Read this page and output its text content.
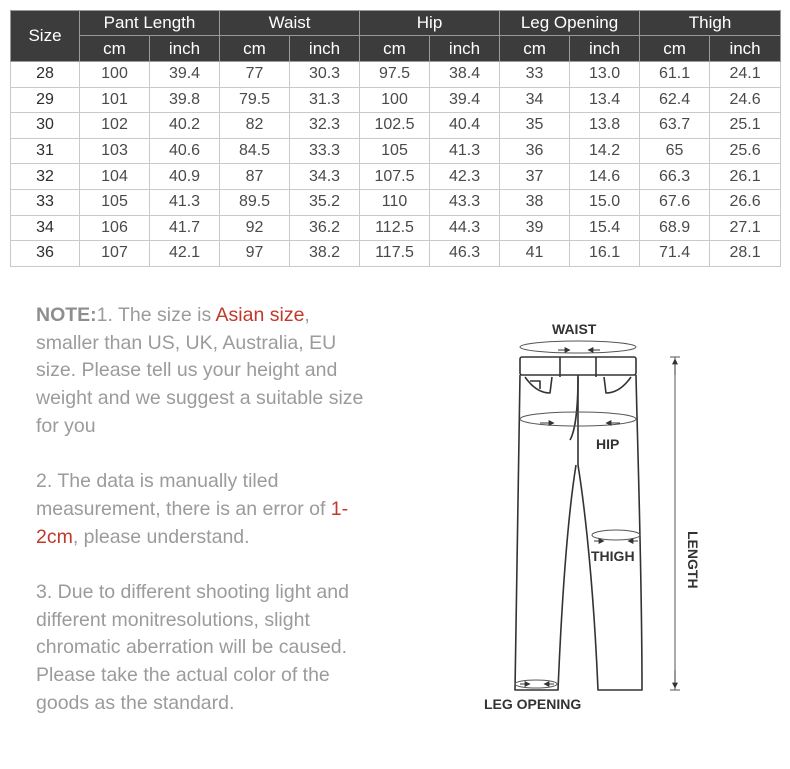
Size	Pant Length		Waist		Hip		Leg Opening		Thigh	
	cm	inch	cm	inch	cm	inch	cm	inch	cm	inch
28	100	39.4	77	30.3	97.5	38.4	33	13.0	61.1	24.1
29	101	39.8	79.5	31.3	100	39.4	34	13.4	62.4	24.6
30	102	40.2	82	32.3	102.5	40.4	35	13.8	63.7	25.1
31	103	40.6	84.5	33.3	105	41.3	36	14.2	65	25.6
32	104	40.9	87	34.3	107.5	42.3	37	14.6	66.3	26.1
33	105	41.3	89.5	35.2	110	43.3	38	15.0	67.6	26.6
34	106	41.7	92	36.2	112.5	44.3	39	15.4	68.9	27.1
36	107	42.1	97	38.2	117.5	46.3	41	16.1	71.4	28.1

NOTE:1. The size is Asian size, smaller than US, UK, Australia, EU size. Please tell us your height and weight and we suggest a suitable size for you

2. The data is manually tiled measurement, there is an error of 1-2cm, please understand.

3. Due to different shooting light and different monitresolutions, slight chromatic aberration will be caused. Please take the actual color of the goods as the standard.

WAIST
HIP
THIGH	LENGTH
LEG OPENING
